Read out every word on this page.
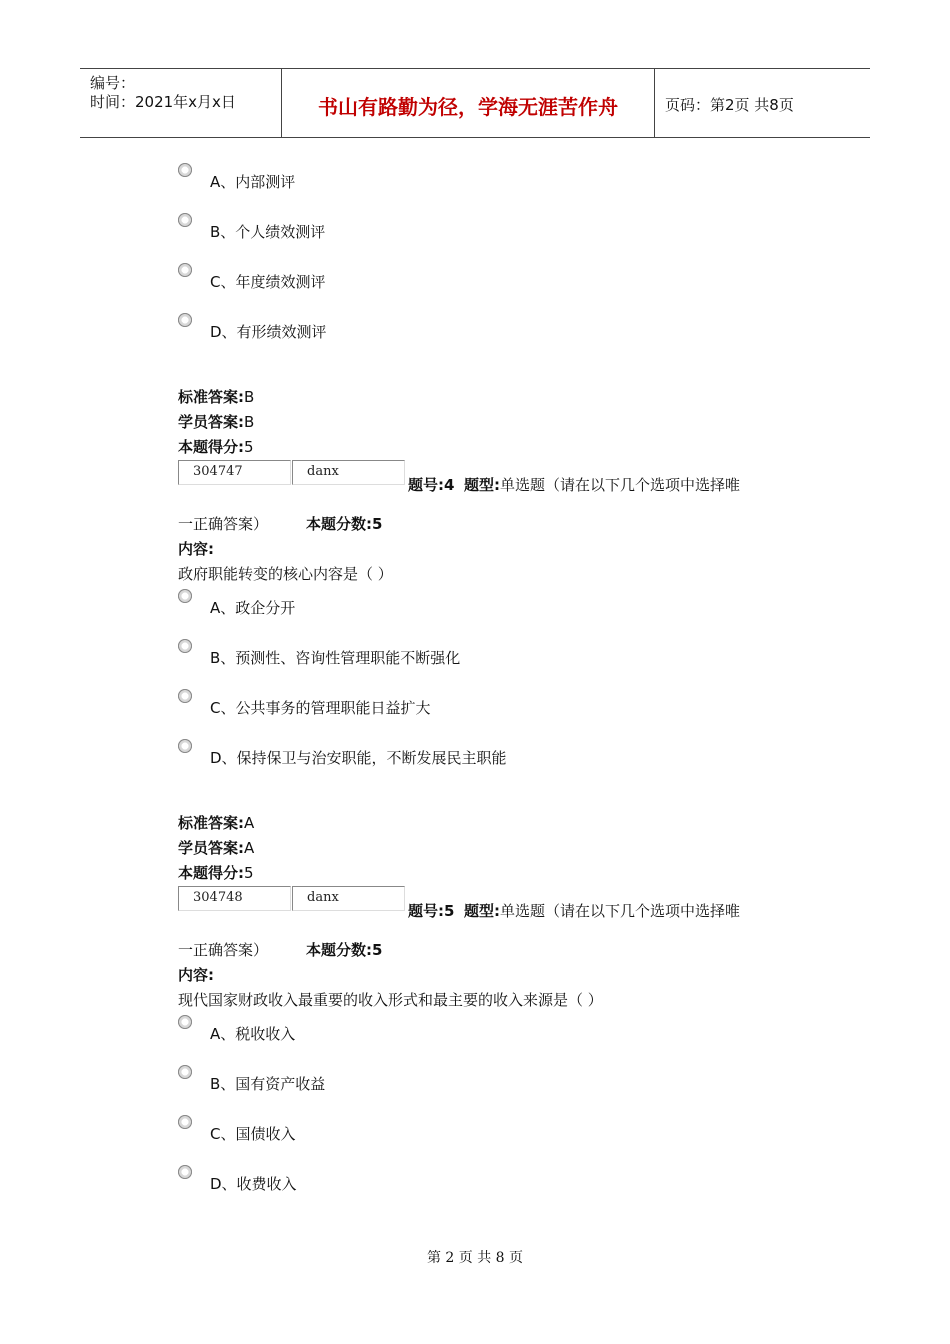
编号：
时间：2021年x月x日	书山有路勤为径，学海无涯苦作舟	页码：第2页 共8页
A、内部测评
B、个人绩效测评
C、年度绩效测评
D、有形绩效测评
标准答案:B
学员答案:B
本题得分:5
304747	danx
题号:4 题型:单选题（请在以下几个选项中选择唯
一正确答案）	本题分数:5
内容:
政府职能转变的核心内容是（ ）
A、政企分开
B、预测性、咨询性管理职能不断强化
C、公共事务的管理职能日益扩大
D、保持保卫与治安职能，不断发展民主职能
标准答案:A
学员答案:A
本题得分:5
304748	danx
题号:5 题型:单选题（请在以下几个选项中选择唯
一正确答案）	本题分数:5
内容:
现代国家财政收入最重要的收入形式和最主要的收入来源是（ ）
A、税收收入
B、国有资产收益
C、国债收入
D、收费收入
第 2 页 共 8 页
